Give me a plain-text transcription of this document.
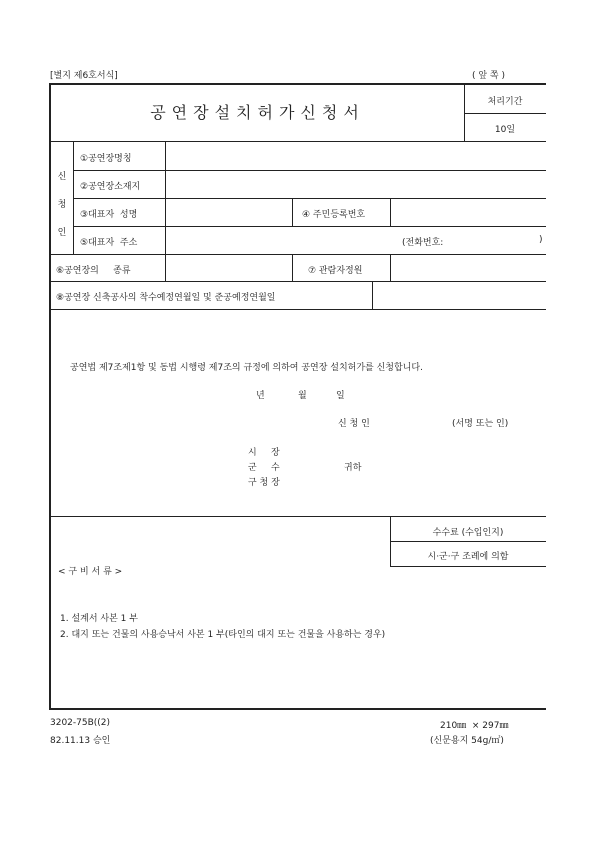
[별지 제6호서식]	( 앞 쪽 )
공연장설치허가신청서
처리기간
10일
신
청
인
①공연장명칭
②공연장소재지
③대표자  성명	④ 주민등록번호
⑤대표자  주소	(전화번호:	)
⑥공연장의     종류	⑦ 관람자정원
⑧공연장 신축공사의 착수예정연월일 및 준공예정연월일
공연법 제7조제1항 및 동법 시행령 제7조의 규정에 의하여 공연장 설치허가를 신청합니다.
년	월	일
신 청 인	(서명 또는 인)
시     장
군     수	귀하
구 청 장
수수료 (수입인지)
시·군·구 조례에 의함
< 구 비 서 류 >
1. 설계서 사본 1 부
2. 대지 또는 건물의 사용승낙서 사본 1 부(타인의 대지 또는 건물을 사용하는 경우)
3202-75B((2)
82.11.13 승인
210㎜  × 297㎜
(신문용지 54g/㎡)
